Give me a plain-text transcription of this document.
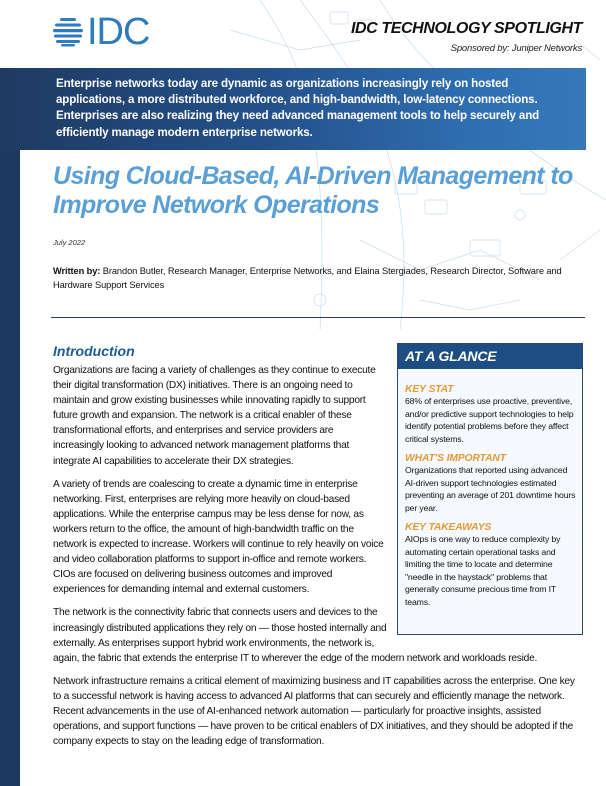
IDC	IDC TECHNOLOGY SPOTLIGHT
Sponsored by: Juniper Networks
Enterprise networks today are dynamic as organizations increasingly rely on hosted applications, a more distributed workforce, and high-bandwidth, low-latency connections. Enterprises are also realizing they need advanced management tools to help securely and efficiently manage modern enterprise networks.
Using Cloud-Based, AI-Driven Management to Improve Network Operations
July 2022
Written by: Brandon Butler, Research Manager, Enterprise Networks, and Elaina Stergiades, Research Director, Software and Hardware Support Services
Introduction

Organizations are facing a variety of challenges as they continue to execute their digital transformation (DX) initiatives. There is an ongoing need to maintain and grow existing businesses while innovating rapidly to support future growth and expansion. The network is a critical enabler of these transformational efforts, and enterprises and service providers are increasingly looking to advanced network management platforms that integrate AI capabilities to accelerate their DX strategies.

A variety of trends are coalescing to create a dynamic time in enterprise networking. First, enterprises are relying more heavily on cloud-based applications. While the enterprise campus may be less dense for now, as workers return to the office, the amount of high-bandwidth traffic on the network is expected to increase. Workers will continue to rely heavily on voice and video collaboration platforms to support in-office and remote workers. CIOs are focused on delivering business outcomes and improved experiences for demanding internal and external customers.

The network is the connectivity fabric that connects users and devices to the increasingly distributed applications they rely on — those hosted internally and externally. As enterprises support hybrid work environments, the network is, again, the fabric that extends the enterprise IT to wherever the edge of the modern network and workloads reside.

Network infrastructure remains a critical element of maximizing business and IT capabilities across the enterprise. One key to a successful network is having access to advanced AI platforms that can securely and efficiently manage the network. Recent advancements in the use of AI-enhanced network automation — particularly for proactive insights, assisted operations, and support functions — have proven to be critical enablers of DX initiatives, and they should be adopted if the company expects to stay on the leading edge of transformation.

AT A GLANCE
KEY STAT
68% of enterprises use proactive, preventive, and/or predictive support technologies to help identify potential problems before they affect critical systems.
WHAT'S IMPORTANT
Organizations that reported using advanced AI-driven support technologies estimated preventing an average of 201 downtime hours per year.
KEY TAKEAWAYS
AIOps is one way to reduce complexity by automating certain operational tasks and limiting the time to locate and determine "needle in the haystack" problems that generally consume precious time from IT teams.
